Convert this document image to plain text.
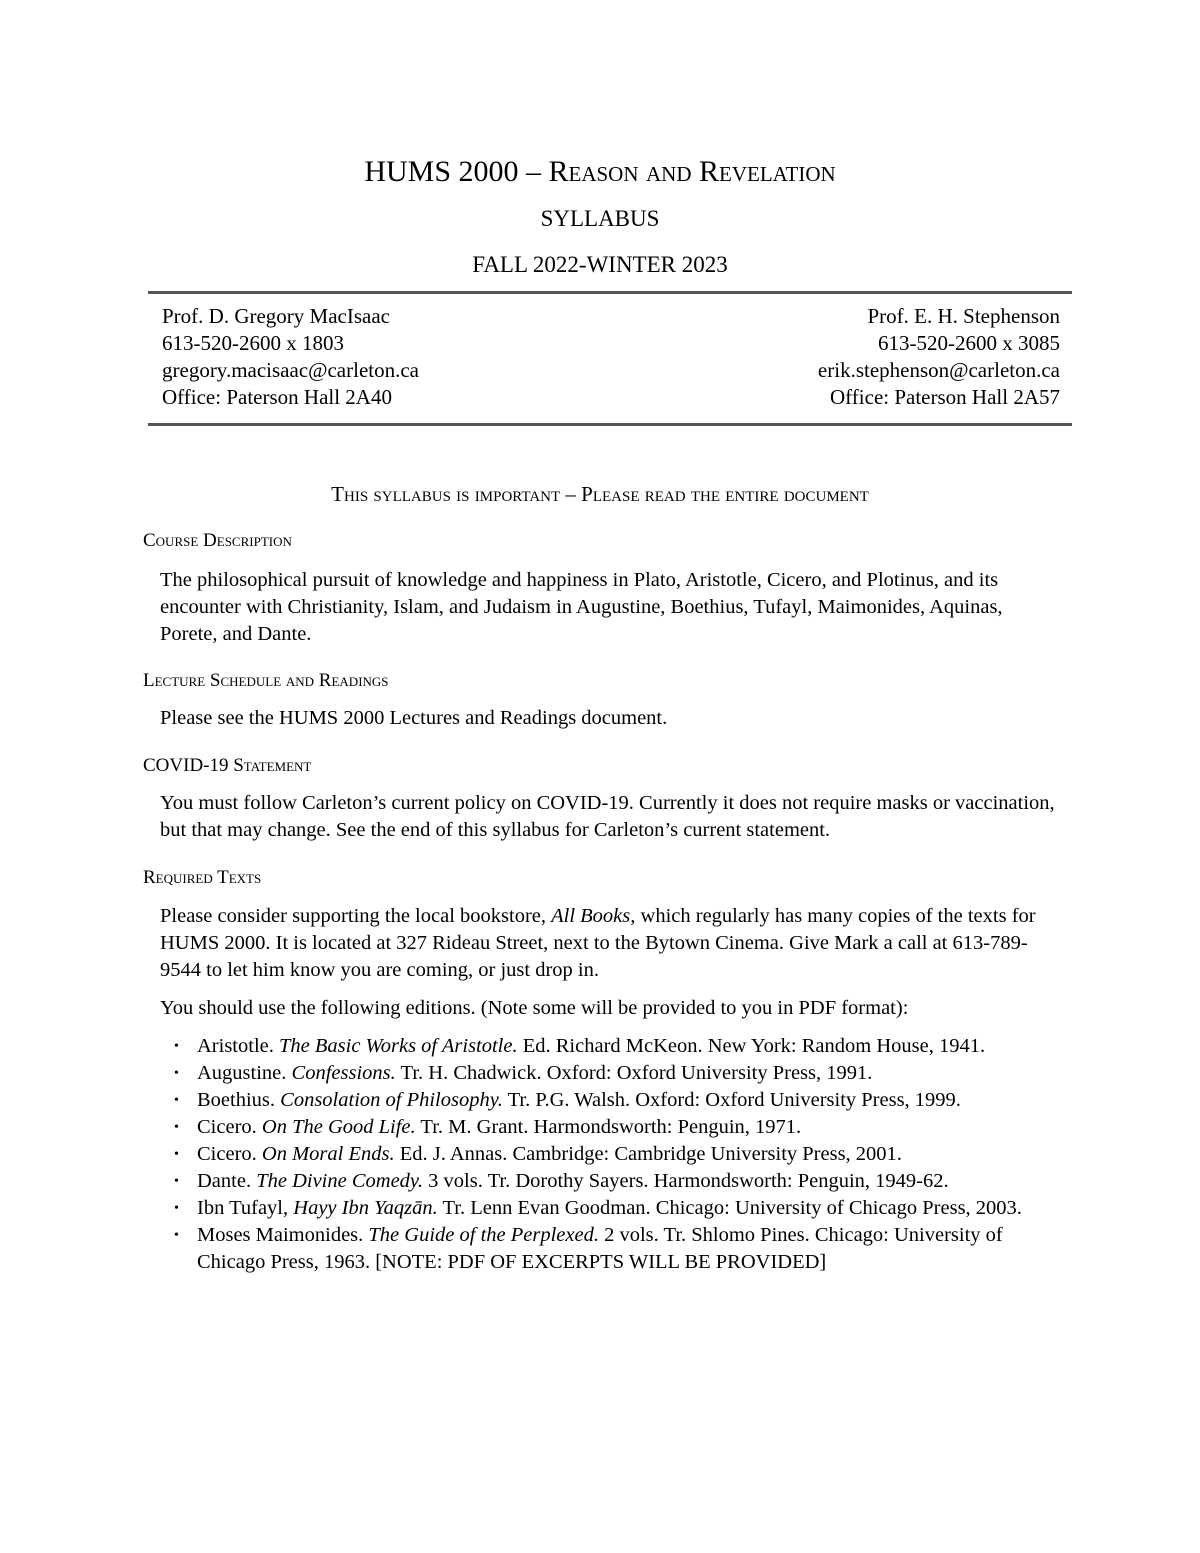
HUMS 2000 – Reason and Revelation
SYLLABUS
FALL 2022-WINTER 2023
Prof. D. Gregory MacIsaac
613-520-2600 x 1803
gregory.macisaac@carleton.ca
Office: Paterson Hall 2A40
Prof. E. H. Stephenson
613-520-2600 x 3085
erik.stephenson@carleton.ca
Office: Paterson Hall 2A57
This syllabus is important – Please read the entire document
Course Description
The philosophical pursuit of knowledge and happiness in Plato, Aristotle, Cicero, and Plotinus, and its encounter with Christianity, Islam, and Judaism in Augustine, Boethius, Tufayl, Maimonides, Aquinas, Porete, and Dante.
Lecture Schedule and Readings
Please see the HUMS 2000 Lectures and Readings document.
COVID-19 Statement
You must follow Carleton’s current policy on COVID-19. Currently it does not require masks or vaccination, but that may change. See the end of this syllabus for Carleton’s current statement.
Required Texts
Please consider supporting the local bookstore, All Books, which regularly has many copies of the texts for HUMS 2000. It is located at 327 Rideau Street, next to the Bytown Cinema. Give Mark a call at 613-789-9544 to let him know you are coming, or just drop in.
You should use the following editions. (Note some will be provided to you in PDF format):
• Aristotle. The Basic Works of Aristotle. Ed. Richard McKeon. New York: Random House, 1941.
• Augustine. Confessions. Tr. H. Chadwick. Oxford: Oxford University Press, 1991.
• Boethius. Consolation of Philosophy. Tr. P.G. Walsh. Oxford: Oxford University Press, 1999.
• Cicero. On The Good Life. Tr. M. Grant. Harmondsworth: Penguin, 1971.
• Cicero. On Moral Ends. Ed. J. Annas. Cambridge: Cambridge University Press, 2001.
• Dante. The Divine Comedy. 3 vols. Tr. Dorothy Sayers. Harmondsworth: Penguin, 1949-62.
• Ibn Tufayl, Hayy Ibn Yaqzān. Tr. Lenn Evan Goodman. Chicago: University of Chicago Press, 2003.
• Moses Maimonides. The Guide of the Perplexed. 2 vols. Tr. Shlomo Pines. Chicago: University of Chicago Press, 1963. [NOTE: PDF OF EXCERPTS WILL BE PROVIDED]
